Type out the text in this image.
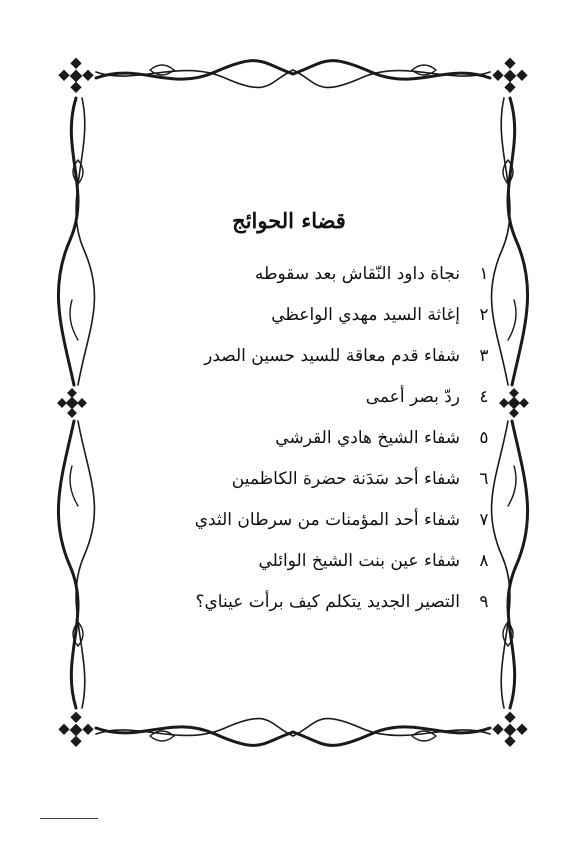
قضاء الحوائج
١
نجاة داود النّقاش بعد سقوطه
٢
إغاثة السيد مهدي الواعظي
٣
شفاء قدم معاقة للسيد حسين الصدر
٤
ردّ بصر أعمى
٥
شفاء الشيخ هادي القرشي
٦
شفاء أحد سَدَنة حضرة الكاظمين
٧
شفاء أحد المؤمنات من سرطان الثدي
٨
شفاء عين بنت الشيخ الوائلي
٩
التصير الجديد يتكلم كيف برأت عيناي؟
